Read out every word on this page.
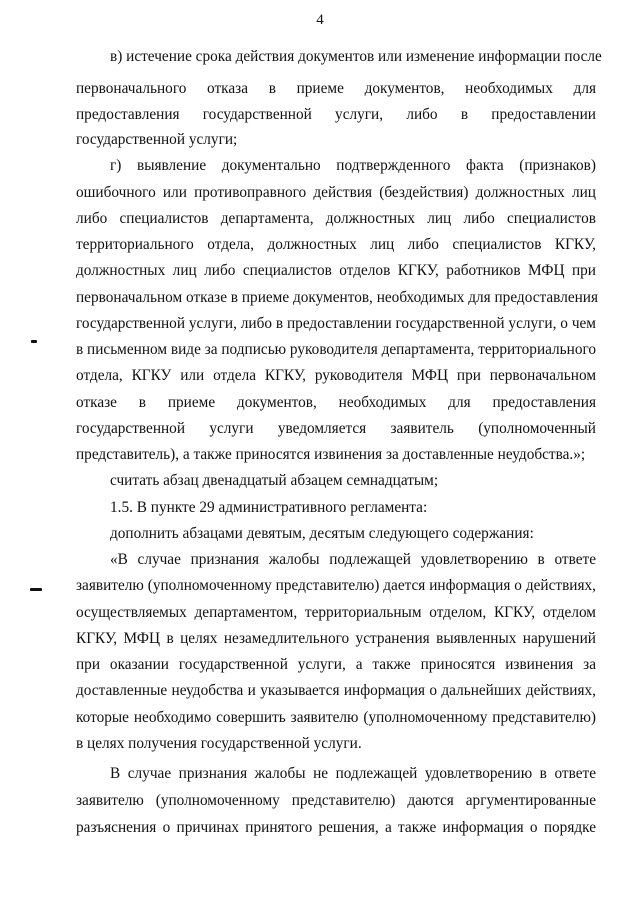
4
в) истечение срока действия документов или изменение информации после
первоначального отказа в приеме документов, необходимых для
предоставления государственной услуги, либо в предоставлении
государственной услуги;
г) выявление документально подтвержденного факта (признаков)
ошибочного или противоправного действия (бездействия) должностных лиц
либо специалистов департамента, должностных лиц либо специалистов
территориального отдела, должностных лиц либо специалистов КГКУ,
должностных лиц либо специалистов отделов КГКУ, работников МФЦ при
первоначальном отказе в приеме документов, необходимых для предоставления
государственной услуги, либо в предоставлении государственной услуги, о чем
в письменном виде за подписью руководителя департамента, территориального
отдела, КГКУ или отдела КГКУ, руководителя МФЦ при первоначальном
отказе в приеме документов, необходимых для предоставления
государственной услуги уведомляется заявитель (уполномоченный
представитель), а также приносятся извинения за доставленные неудобства.»;
считать абзац двенадцатый абзацем семнадцатым;
1.5. В пункте 29 административного регламента:
дополнить абзацами девятым, десятым следующего содержания:
«В случае признания жалобы подлежащей удовлетворению в ответе
заявителю (уполномоченному представителю) дается информация о действиях,
осуществляемых департаментом, территориальным отделом, КГКУ, отделом
КГКУ, МФЦ в целях незамедлительного устранения выявленных нарушений
при оказании государственной услуги, а также приносятся извинения за
доставленные неудобства и указывается информация о дальнейших действиях,
которые необходимо совершить заявителю (уполномоченному представителю)
в целях получения государственной услуги.
В случае признания жалобы не подлежащей удовлетворению в ответе
заявителю (уполномоченному представителю) даются аргументированные
разъяснения о причинах принятого решения, а также информация о порядке
